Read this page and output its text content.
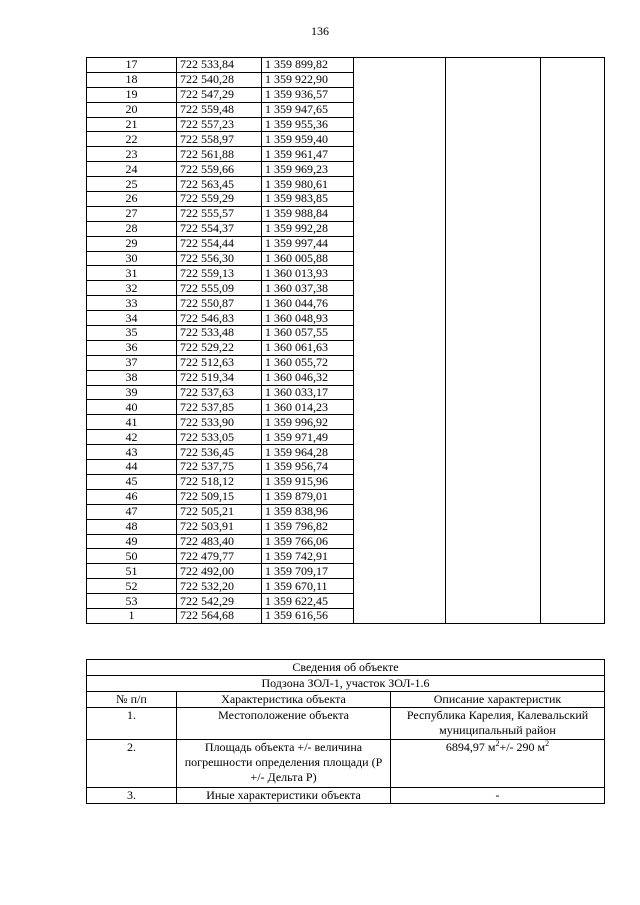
136
17	722 533,84	1 359 899,82			
18	722 540,28	1 359 922,90			
19	722 547,29	1 359 936,57			
20	722 559,48	1 359 947,65			
21	722 557,23	1 359 955,36			
22	722 558,97	1 359 959,40			
23	722 561,88	1 359 961,47			
24	722 559,66	1 359 969,23			
25	722 563,45	1 359 980,61			
26	722 559,29	1 359 983,85			
27	722 555,57	1 359 988,84			
28	722 554,37	1 359 992,28			
29	722 554,44	1 359 997,44			
30	722 556,30	1 360 005,88			
31	722 559,13	1 360 013,93			
32	722 555,09	1 360 037,38			
33	722 550,87	1 360 044,76			
34	722 546,83	1 360 048,93			
35	722 533,48	1 360 057,55			
36	722 529,22	1 360 061,63			
37	722 512,63	1 360 055,72			
38	722 519,34	1 360 046,32			
39	722 537,63	1 360 033,17			
40	722 537,85	1 360 014,23			
41	722 533,90	1 359 996,92			
42	722 533,05	1 359 971,49			
43	722 536,45	1 359 964,28			
44	722 537,75	1 359 956,74			
45	722 518,12	1 359 915,96			
46	722 509,15	1 359 879,01			
47	722 505,21	1 359 838,96			
48	722 503,91	1 359 796,82			
49	722 483,40	1 359 766,06			
50	722 479,77	1 359 742,91			
51	722 492,00	1 359 709,17			
52	722 532,20	1 359 670,11			
53	722 542,29	1 359 622,45			
1	722 564,68	1 359 616,56			
Сведения об объекте		
Подзона ЗОЛ-1, участок ЗОЛ-1.6		
№ п/п	Характеристика объекта	Описание характеристик
1.	Местоположение объекта	Республика Карелия, Калевальский муниципальный район
2.	Площадь объекта +/- величина погрешности определения площади (Р +/- Дельта Р)	6894,97 $м^2+/-$ 290 $м^2$
3.	Иные характеристики объекта	-
